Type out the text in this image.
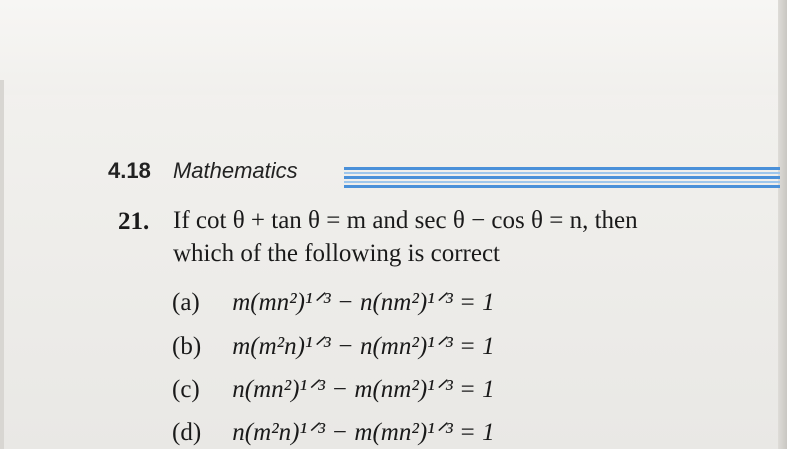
4.18 Mathematics
21. If cot θ + tan θ = m and sec θ − cos θ = n, then
which of the following is correct
(a) m(mn²)¹ᐟ³ − n(nm²)¹ᐟ³ = 1
(b) m(m²n)¹ᐟ³ − n(mn²)¹ᐟ³ = 1
(c) n(mn²)¹ᐟ³ − m(nm²)¹ᐟ³ = 1
(d) n(m²n)¹ᐟ³ − m(mn²)¹ᐟ³ = 1
